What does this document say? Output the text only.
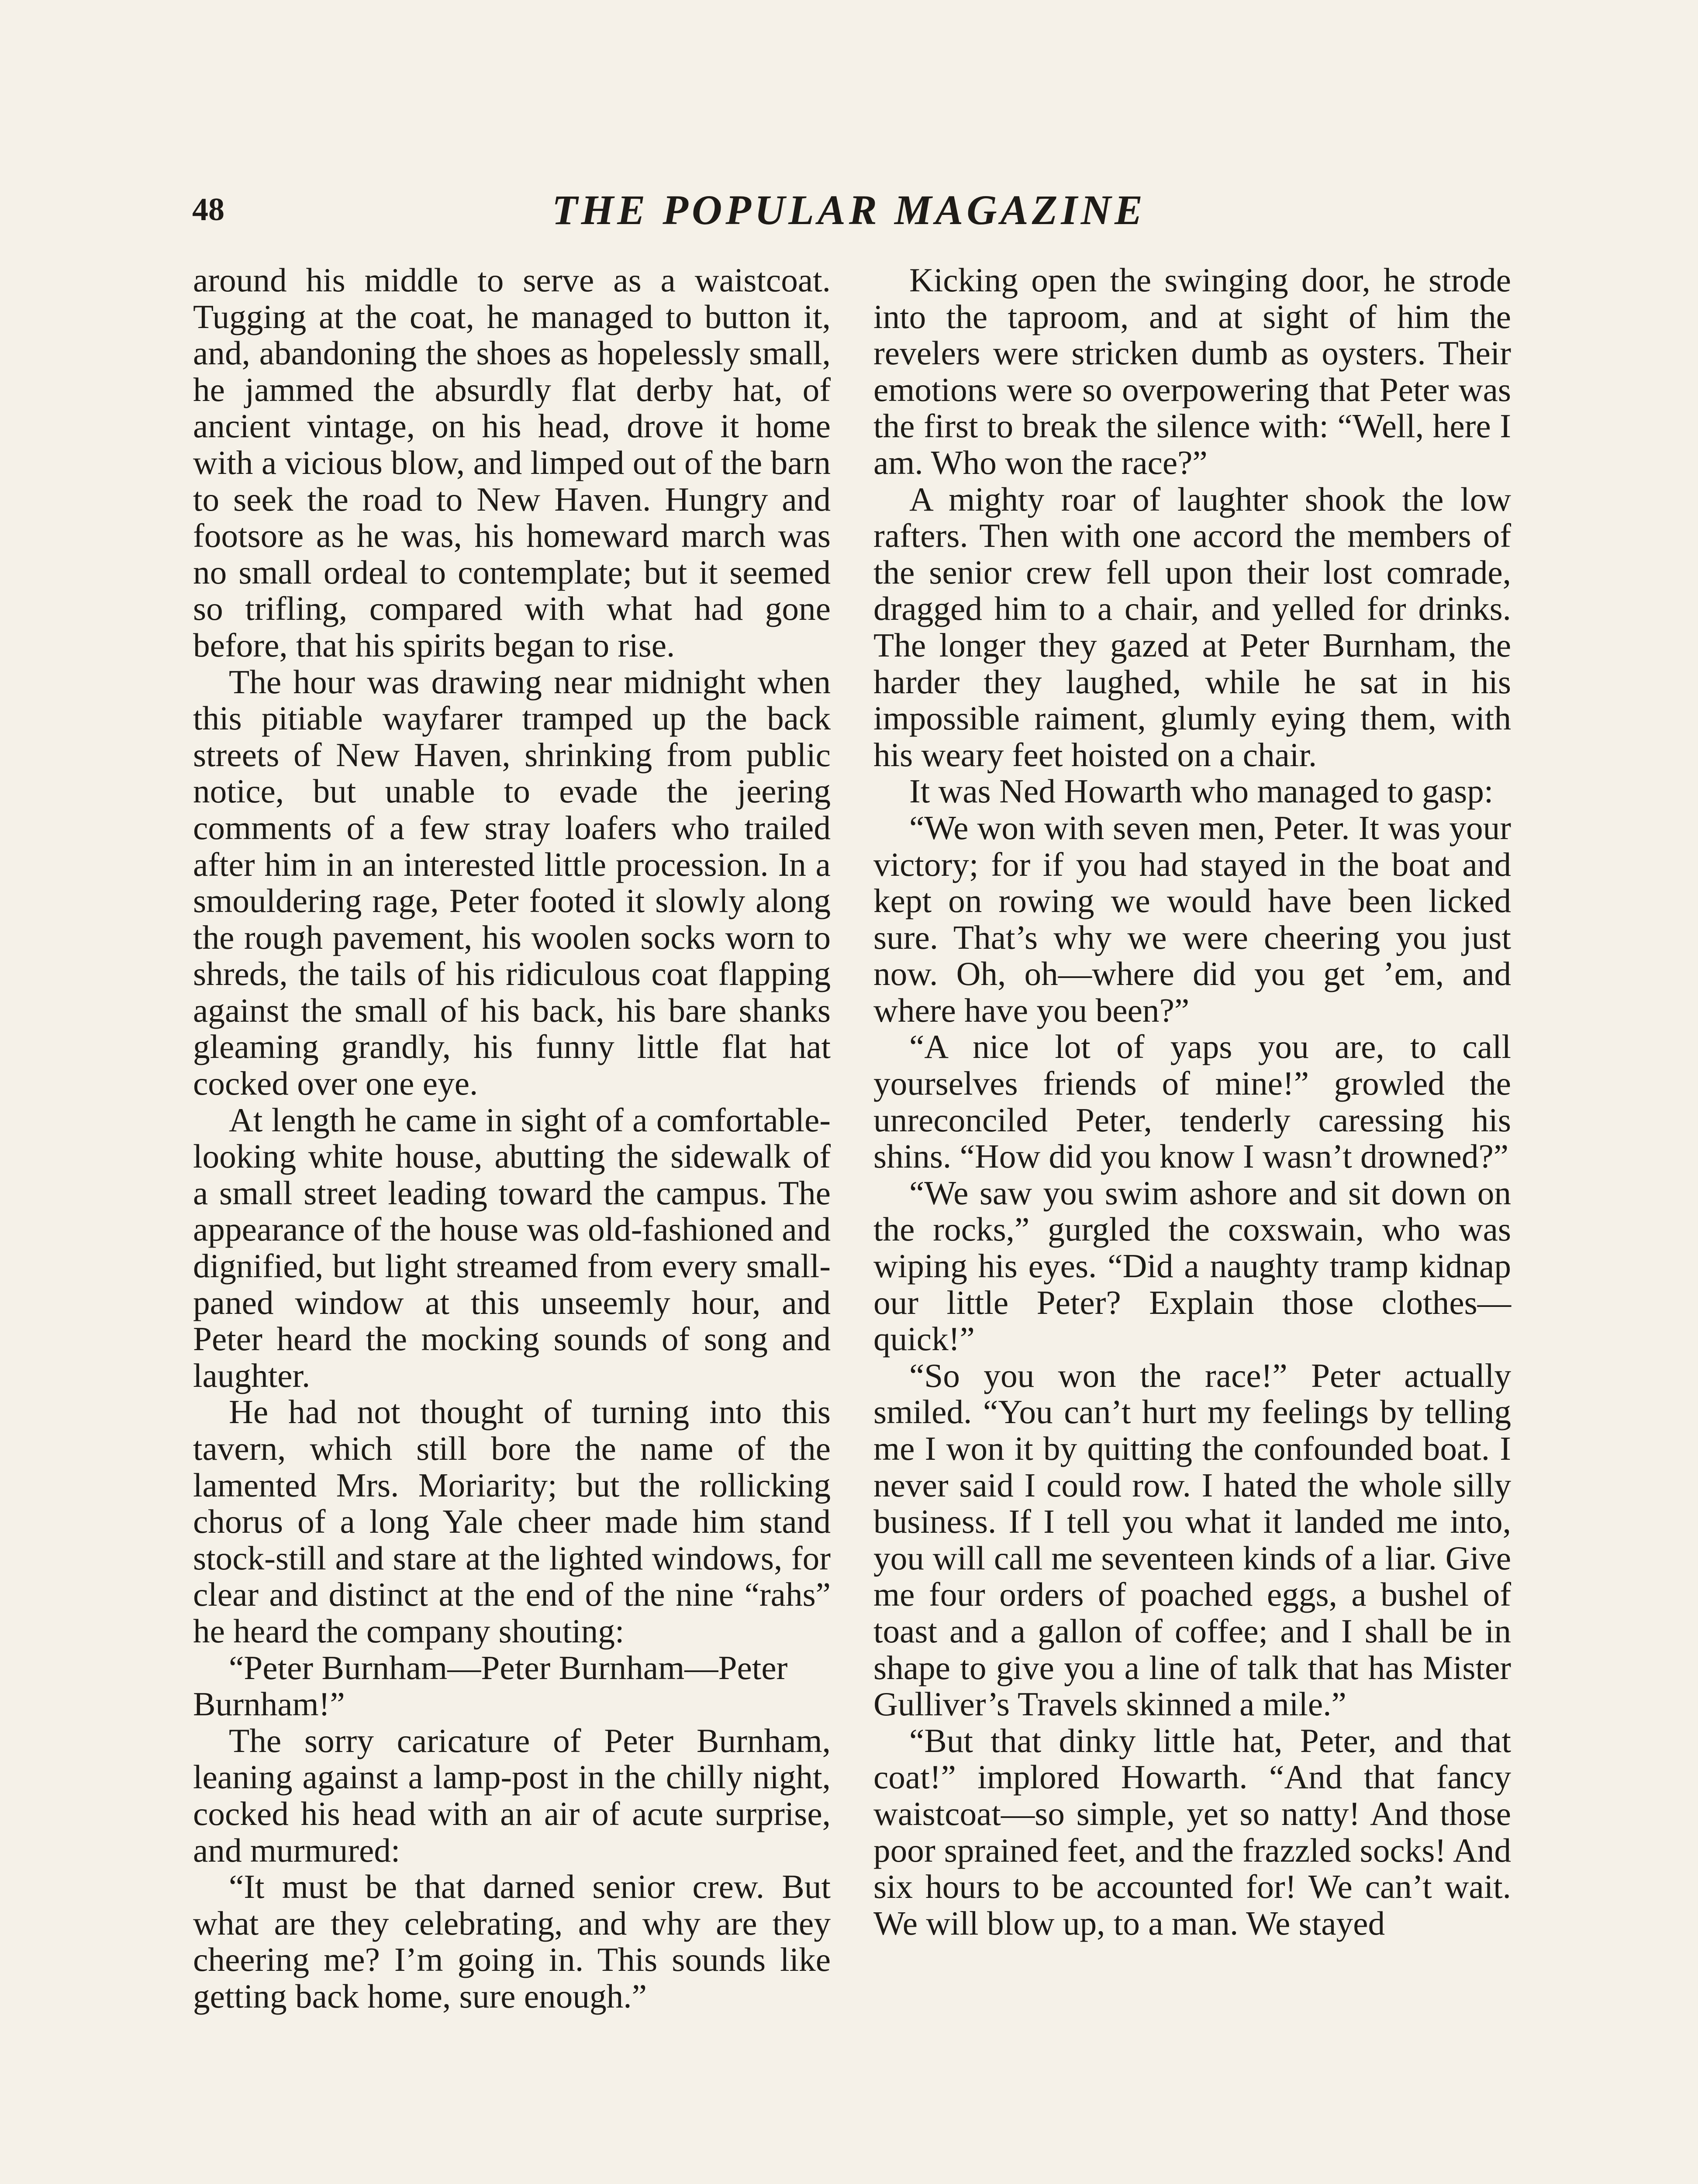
48	THE POPULAR MAGAZINE

around his middle to serve as a waistcoat. Tugging at the coat, he managed to button it, and, abandoning the shoes as hopelessly small, he jammed the absurdly flat derby hat, of ancient vintage, on his head, drove it home with a vicious blow, and limped out of the barn to seek the road to New Haven. Hungry and footsore as he was, his homeward march was no small ordeal to contemplate; but it seemed so trifling, compared with what had gone before, that his spirits began to rise.

The hour was drawing near midnight when this pitiable wayfarer tramped up the back streets of New Haven, shrinking from public notice, but unable to evade the jeering comments of a few stray loafers who trailed after him in an interested little procession. In a smouldering rage, Peter footed it slowly along the rough pavement, his woolen socks worn to shreds, the tails of his ridiculous coat flapping against the small of his back, his bare shanks gleaming grandly, his funny little flat hat cocked over one eye.

At length he came in sight of a comfortable-looking white house, abutting the sidewalk of a small street leading toward the campus. The appearance of the house was old-fashioned and dignified, but light streamed from every small-paned window at this unseemly hour, and Peter heard the mocking sounds of song and laughter.

He had not thought of turning into this tavern, which still bore the name of the lamented Mrs. Moriarity; but the rollicking chorus of a long Yale cheer made him stand stock-still and stare at the lighted windows, for clear and distinct at the end of the nine “rahs” he heard the company shouting:

“Peter Burnham—Peter Burnham—Peter Burnham!”

The sorry caricature of Peter Burnham, leaning against a lamp-post in the chilly night, cocked his head with an air of acute surprise, and murmured:

“It must be that darned senior crew. But what are they celebrating, and why are they cheering me? I’m going in. This sounds like getting back home, sure enough.”

Kicking open the swinging door, he strode into the taproom, and at sight of him the revelers were stricken dumb as oysters. Their emotions were so overpowering that Peter was the first to break the silence with: “Well, here I am. Who won the race?”

A mighty roar of laughter shook the low rafters. Then with one accord the members of the senior crew fell upon their lost comrade, dragged him to a chair, and yelled for drinks. The longer they gazed at Peter Burnham, the harder they laughed, while he sat in his impossible raiment, glumly eying them, with his weary feet hoisted on a chair.

It was Ned Howarth who managed to gasp:

“We won with seven men, Peter. It was your victory; for if you had stayed in the boat and kept on rowing we would have been licked sure. That’s why we were cheering you just now. Oh, oh—where did you get ’em, and where have you been?”

“A nice lot of yaps you are, to call yourselves friends of mine!” growled the unreconciled Peter, tenderly caressing his shins. “How did you know I wasn’t drowned?”

“We saw you swim ashore and sit down on the rocks,” gurgled the coxswain, who was wiping his eyes. “Did a naughty tramp kidnap our little Peter? Explain those clothes—quick!”

“So you won the race!” Peter actually smiled. “You can’t hurt my feelings by telling me I won it by quitting the confounded boat. I never said I could row. I hated the whole silly business. If I tell you what it landed me into, you will call me seventeen kinds of a liar. Give me four orders of poached eggs, a bushel of toast and a gallon of coffee; and I shall be in shape to give you a line of talk that has Mister Gulliver’s Travels skinned a mile.”

“But that dinky little hat, Peter, and that coat!” implored Howarth. “And that fancy waistcoat—so simple, yet so natty! And those poor sprained feet, and the frazzled socks! And six hours to be accounted for! We can’t wait. We will blow up, to a man. We stayed
